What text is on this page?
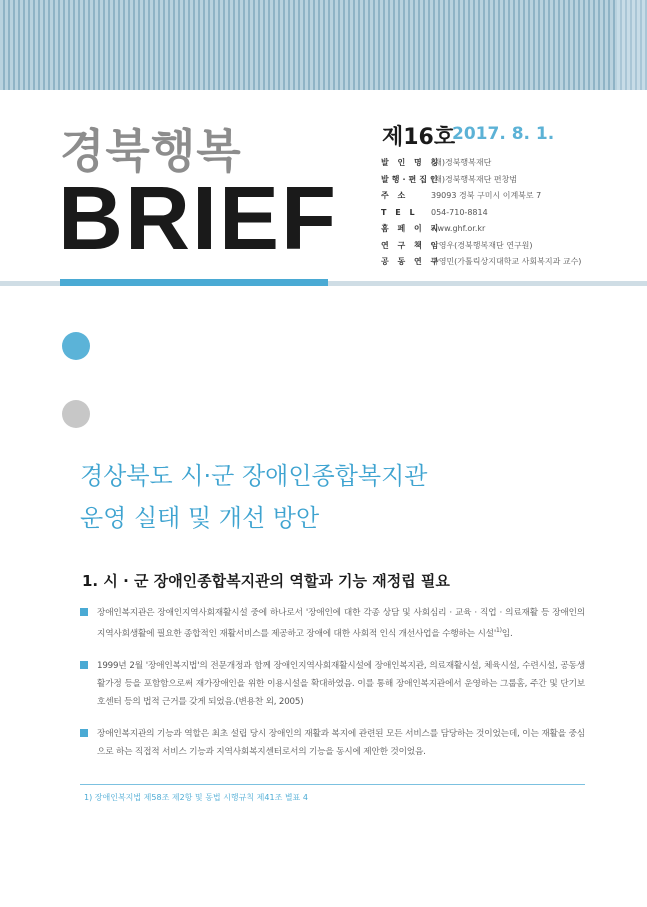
경북행복
BRIEF
제16호
2017. 8. 1.
발 인 명 칭
(재)경북행복재단
발행·편집인
(재)경북행복재단 편창범
주 소	39093 경북 구미시 이계북로 7
T E L	054-710-8814
홈 페 이 지
www.ghf.or.kr
연 구 책 임
남영우(경북행복재단 연구원)
공 동 연 구
박영민(가톨릭상지대학교 사회복지과 교수)
경상북도 시·군 장애인종합복지관
운영 실태 및 개선 방안
1. 시 · 군 장애인종합복지관의 역할과 기능 재정립 필요
장애인복지관은 장애인지역사회재활시설 중에 하나로서 '장애인에 대한 각종 상담 및 사회심리 · 교육 · 직업 · 의료재활 등 장애인의 지역사회생활에 필요한 종합적인 재활서비스를 제공하고 장애에 대한 사회적 인식 개선사업을 수행하는 시설'$^{1)}$임.
1999년 2월 '장애인복지법'의 전문개정과 함께 장애인지역사회재활시설에 장애인복지관, 의료재활시설, 체육시설, 수련시설, 공동생활가정 등을 포함함으로써 재가장애인을 위한 이용시설을 확대하였음. 이를 통해 장애인복지관에서 운영하는 그룹홈, 주간 및 단기보호센터 등의 법적 근거를 갖게 되었음.(변용찬 외, 2005)
장애인복지관의 기능과 역할은 최초 설립 당시 장애인의 재활과 복지에 관련된 모든 서비스를 담당하는 것이었는데, 이는 재활을 중심으로 하는 직접적 서비스 기능과 지역사회복지센터로서의 기능을 동시에 제안한 것이었음.
1) 장애인복지법 제58조 제2항 및 동법 시행규칙 제41조 별표 4
